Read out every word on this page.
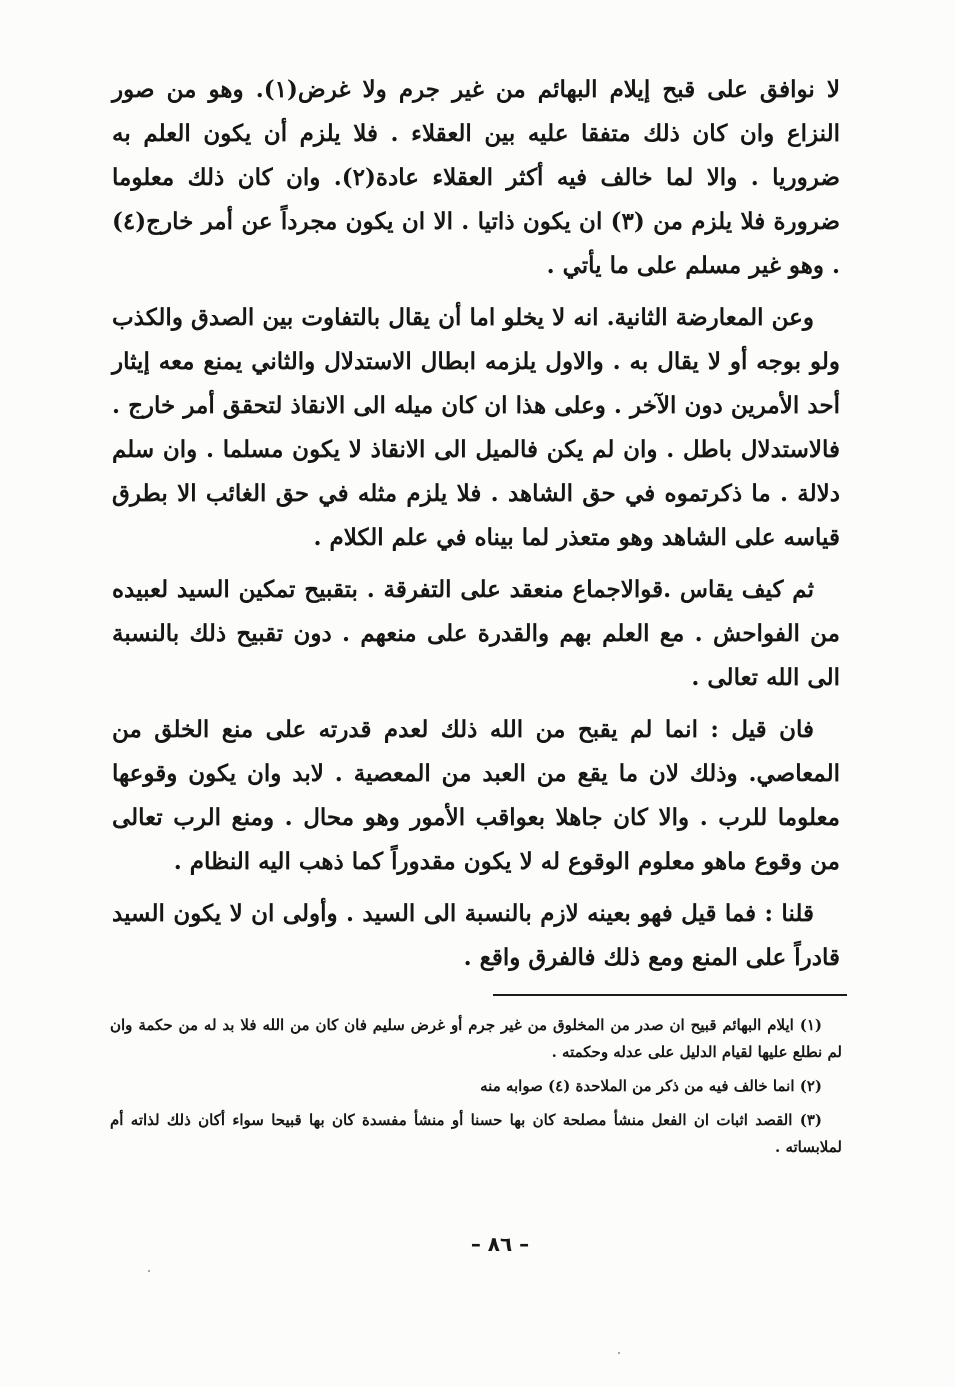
لا نوافق على قبح إيلام البهائم من غير جرم ولا غرض(١). وهو من صور النزاع وان كان ذلك متفقا عليه بين العقلاء . فلا يلزم أن يكون العلم به ضروريا . والا لما خالف فيه أكثر العقلاء عادة(٢). وان كان ذلك معلوما ضرورة فلا يلزم من (٣) ان يكون ذاتيا . الا ان يكون مجرداً عن أمر خارج(٤) . وهو غير مسلم على ما يأتي .

وعن المعارضة الثانية. انه لا يخلو اما أن يقال بالتفاوت بين الصدق والكذب ولو بوجه أو لا يقال به . والاول يلزمه ابطال الاستدلال والثاني يمنع معه إيثار أحد الأمرين دون الآخر . وعلى هذا ان كان ميله الى الانقاذ لتحقق أمر خارج . فالاستدلال باطل . وان لم يكن فالميل الى الانقاذ لا يكون مسلما . وان سلم دلالة . ما ذكرتموه في حق الشاهد . فلا يلزم مثله في حق الغائب الا بطرق قياسه على الشاهد وهو متعذر لما بيناه في علم الكلام .

ثم كيف يقاس .قوالاجماع منعقد على التفرقة . بتقبيح تمكين السيد لعبيده من الفواحش . مع العلم بهم والقدرة على منعهم . دون تقبيح ذلك بالنسبة الى الله تعالى .

فان قيل : انما لم يقبح من الله ذلك لعدم قدرته على منع الخلق من المعاصي. وذلك لان ما يقع من العبد من المعصية . لابد وان يكون وقوعها معلوما للرب . والا كان جاهلا بعواقب الأمور وهو محال . ومنع الرب تعالى من وقوع ماهو معلوم الوقوع له لا يكون مقدوراً كما ذهب اليه النظام .

قلنا : فما قيل فهو بعينه لازم بالنسبة الى السيد . وأولى ان لا يكون السيد قادراً على المنع ومع ذلك فالفرق واقع .

(١) ايلام البهائم قبيح ان صدر من المخلوق من غير جرم أو غرض سليم فان كان من الله فلا بد له من حكمة وان لم نطلع عليها لقيام الدليل على عدله وحكمته .

(٢) انما خالف فيه من ذكر من الملاحدة (٤) صوابه منه

(٣) القصد اثبات ان الفعل منشأ مصلحة كان بها حسنا أو منشأ مفسدة كان بها قبيحا سواء أكان ذلك لذاته أم لملابساته .

– ٨٦ –
